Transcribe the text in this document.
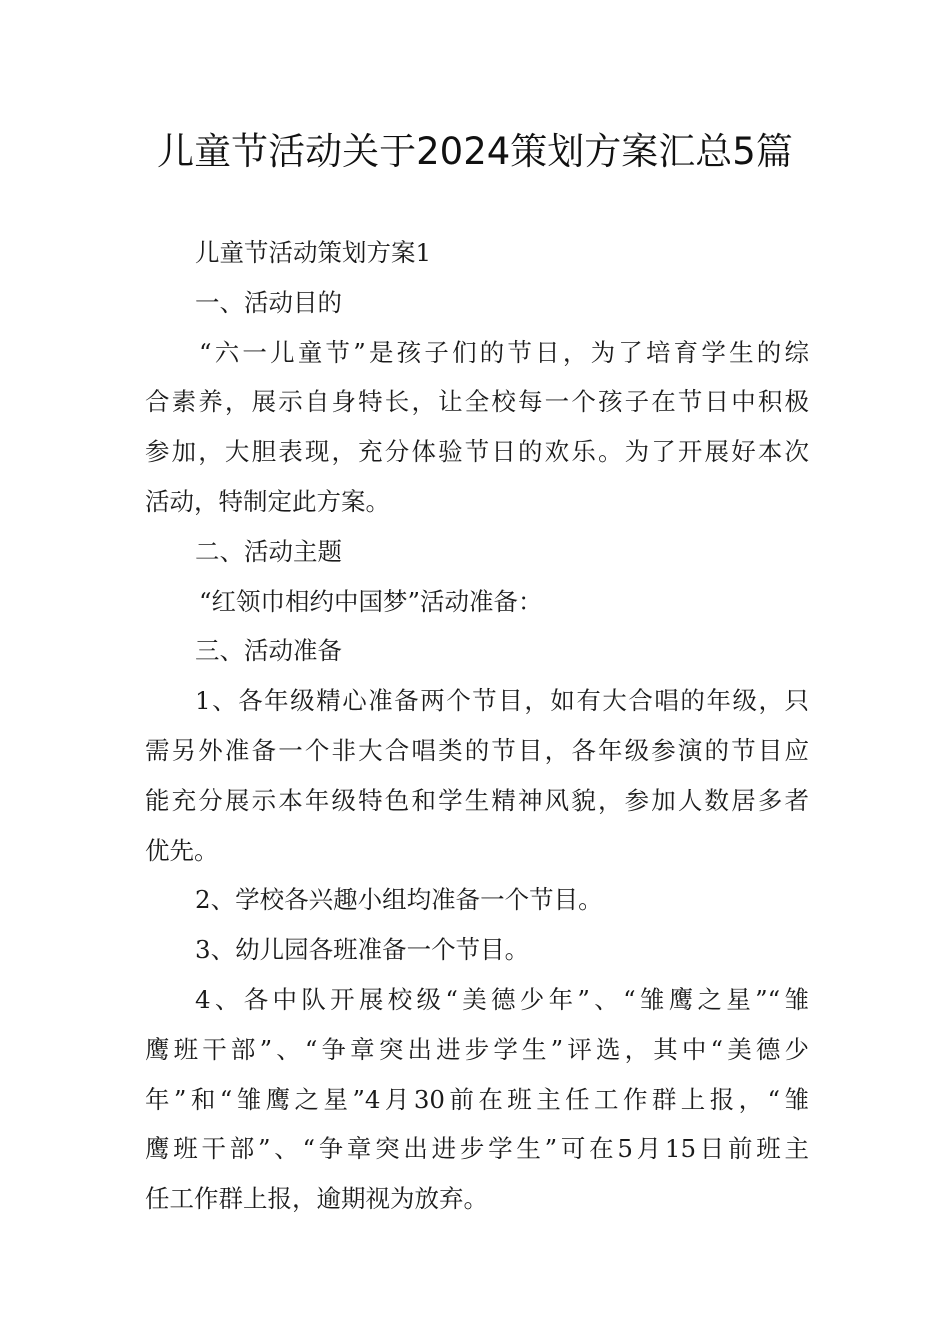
儿童节活动关于2024策划方案汇总5篇
儿童节活动策划方案1
一、活动目的
“六一儿童节”是孩子们的节日，为了培育学生的综
合素养，展示自身特长，让全校每一个孩子在节日中积极
参加，大胆表现，充分体验节日的欢乐。为了开展好本次
活动，特制定此方案。
二、活动主题
“红领巾相约中国梦”活动准备：
三、活动准备
1、各年级精心准备两个节目，如有大合唱的年级，只
需另外准备一个非大合唱类的节目，各年级参演的节目应
能充分展示本年级特色和学生精神风貌，参加人数居多者
优先。
2、学校各兴趣小组均准备一个节目。
3、幼儿园各班准备一个节目。
4、各中队开展校级“美德少年”、“雏鹰之星”“雏
鹰班干部”、“争章突出进步学生”评选，其中“美德少
年”和“雏鹰之星”4月30前在班主任工作群上报，“雏
鹰班干部”、“争章突出进步学生”可在5月15日前班主
任工作群上报，逾期视为放弃。
